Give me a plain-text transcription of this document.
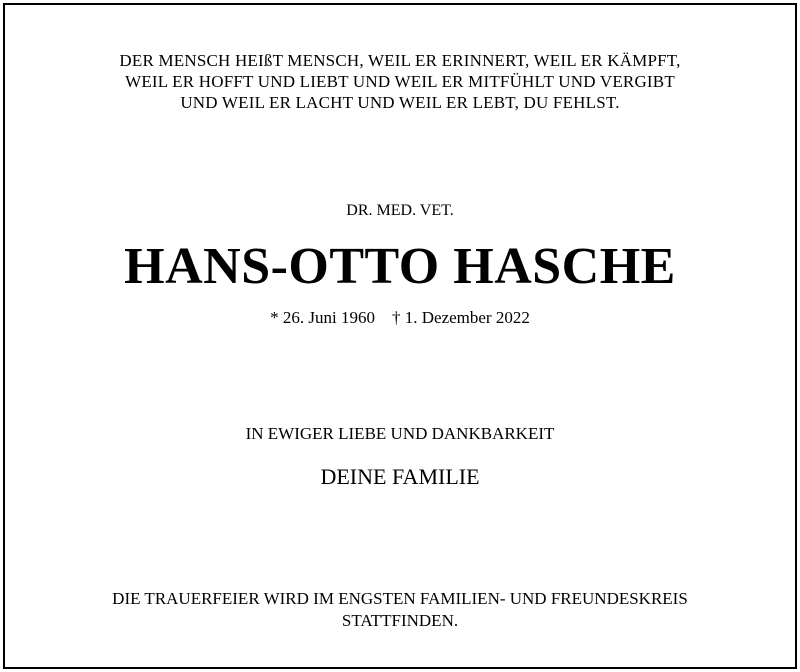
DER MENSCH HEIßT MENSCH, WEIL ER ERINNERT, WEIL ER KÄMPFT,
WEIL ER HOFFT UND LIEBT UND WEIL ER MITFÜHLT UND VERGIBT
UND WEIL ER LACHT UND WEIL ER LEBT, DU FEHLST.
DR. MED. VET.
HANS-OTTO HASCHE
* 26. Juni 1960 † 1. Dezember 2022
IN EWIGER LIEBE UND DANKBARKEIT
DEINE FAMILIE
DIE TRAUERFEIER WIRD IM ENGSTEN FAMILIEN- UND FREUNDESKREIS
STATTFINDEN.
